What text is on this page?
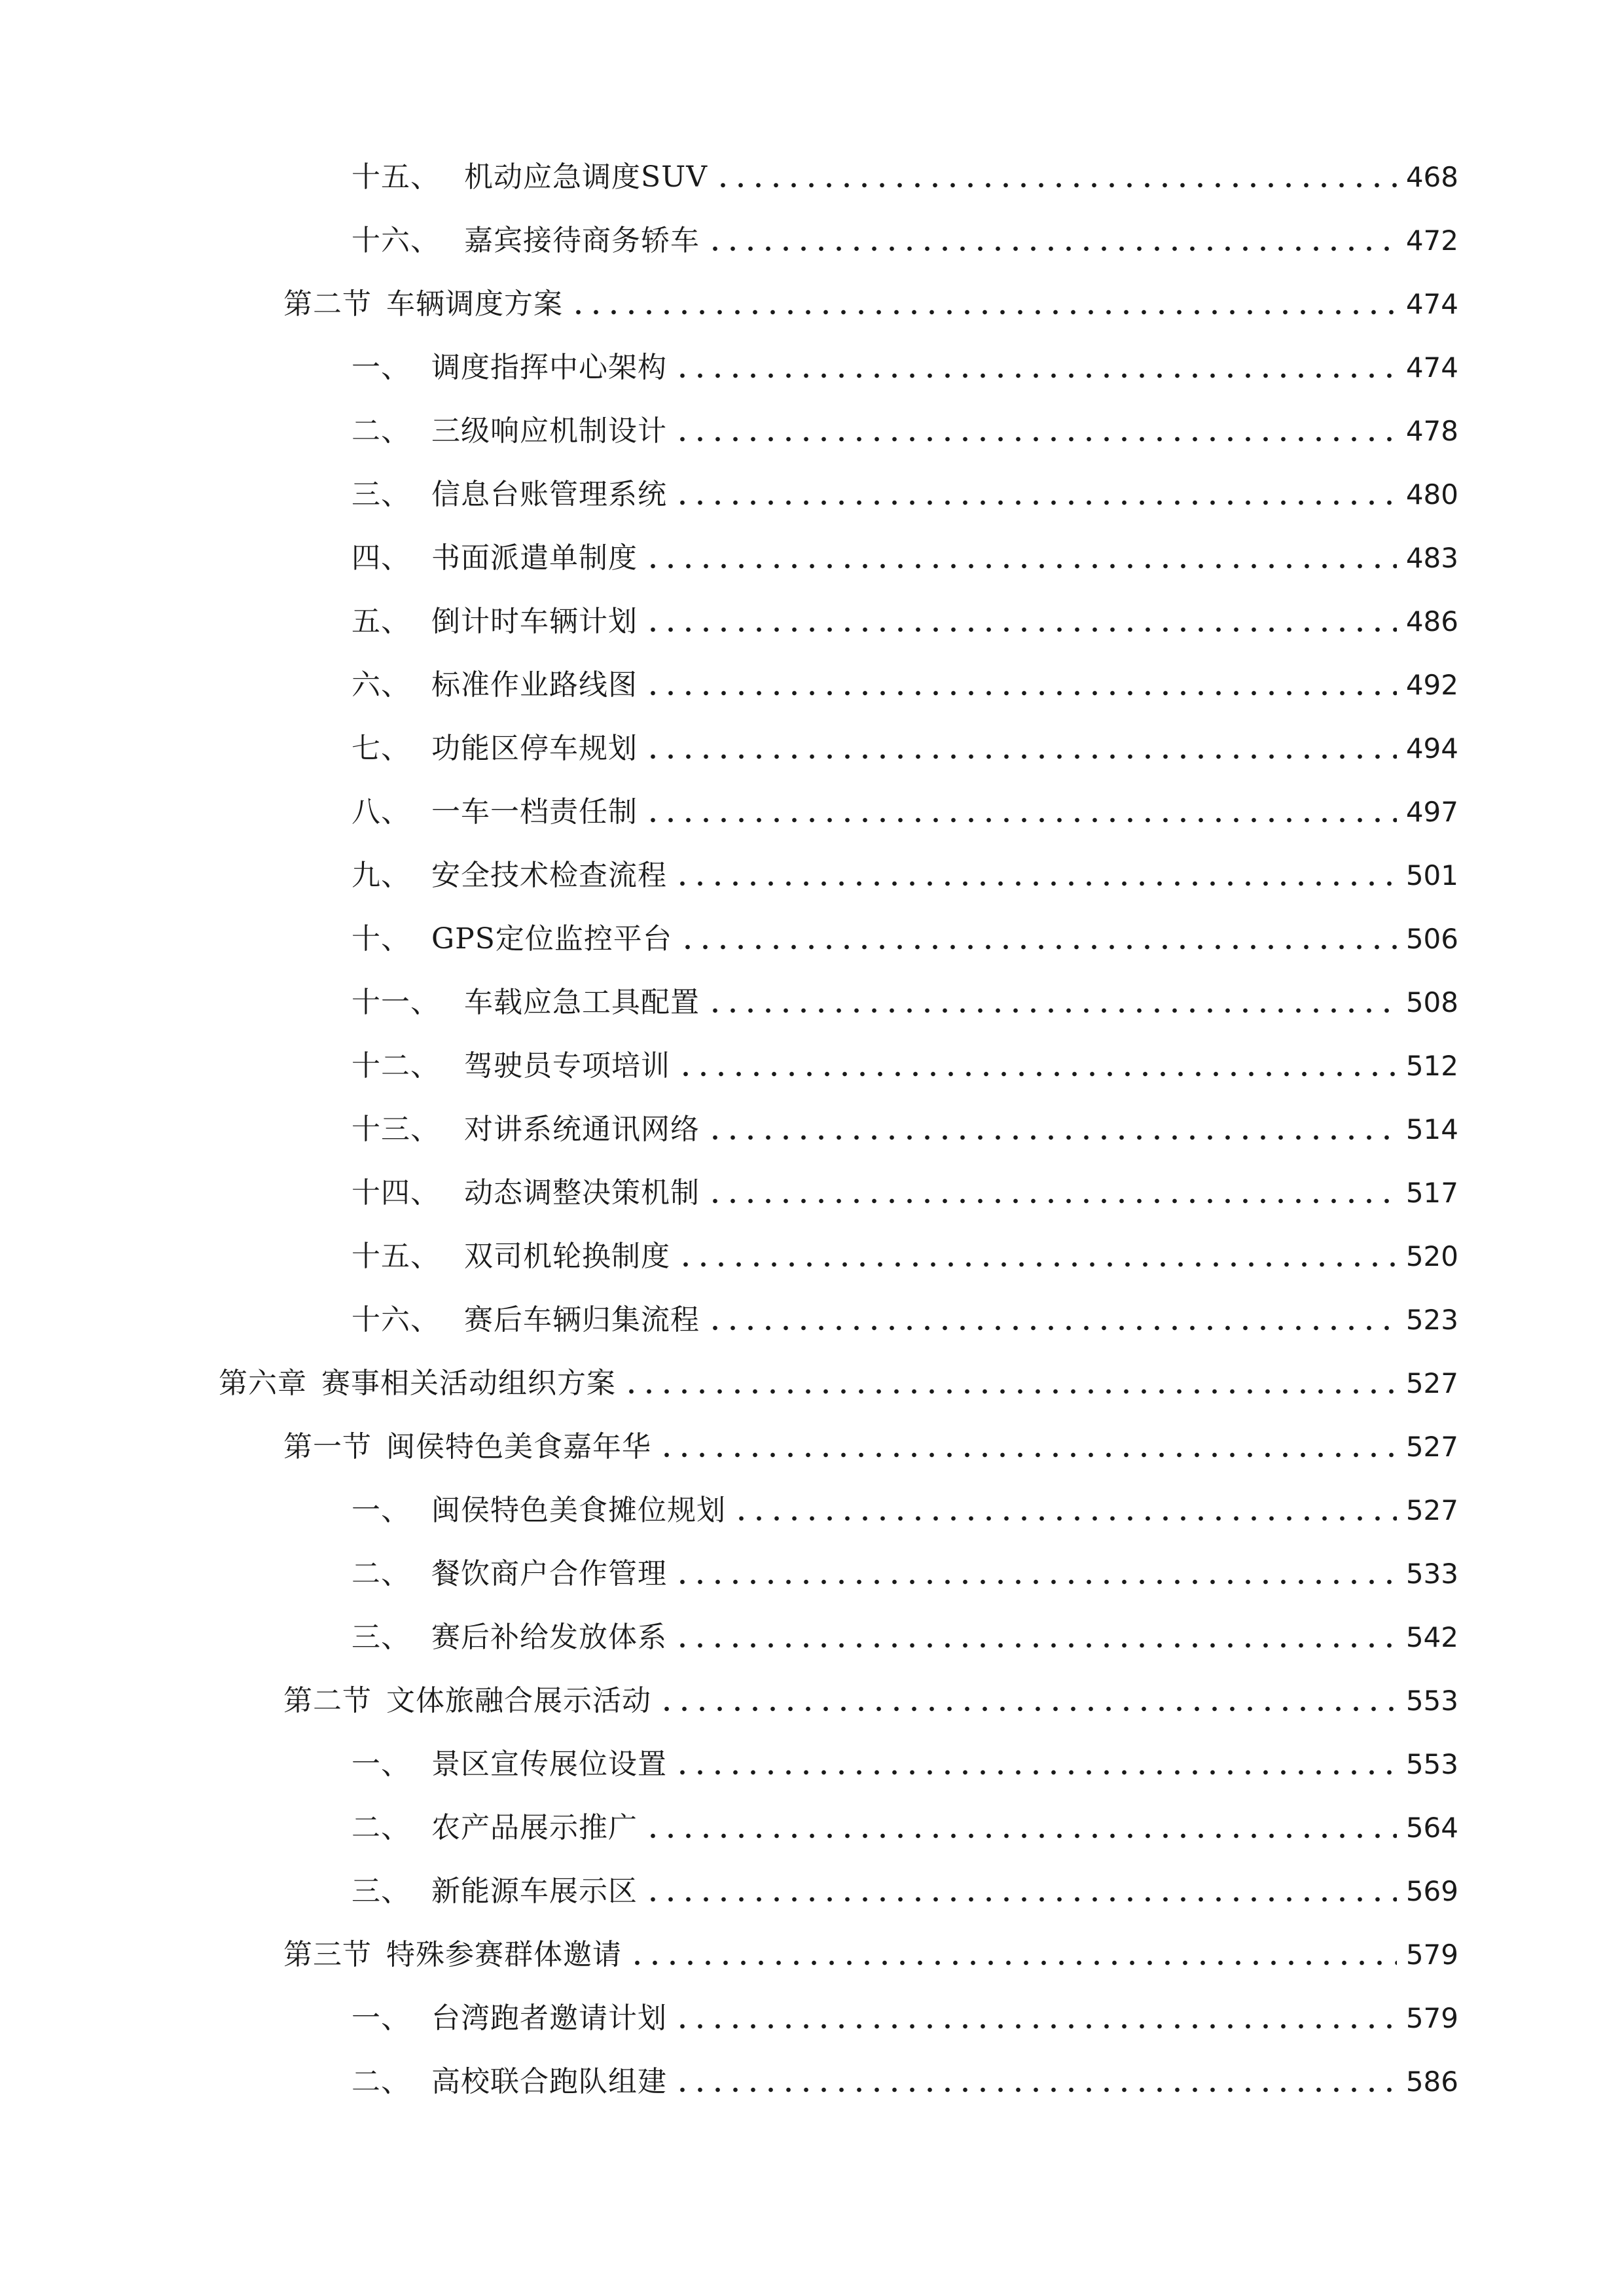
十五、 机动应急调度SUV	468
十六、 嘉宾接待商务轿车	472
第二节 车辆调度方案	474
一、 调度指挥中心架构	474
二、 三级响应机制设计	478
三、 信息台账管理系统	480
四、 书面派遣单制度	483
五、 倒计时车辆计划	486
六、 标准作业路线图	492
七、 功能区停车规划	494
八、 一车一档责任制	497
九、 安全技术检查流程	501
十、 GPS定位监控平台	506
十一、 车载应急工具配置	508
十二、 驾驶员专项培训	512
十三、 对讲系统通讯网络	514
十四、 动态调整决策机制	517
十五、 双司机轮换制度	520
十六、 赛后车辆归集流程	523
第六章 赛事相关活动组织方案	527
第一节 闽侯特色美食嘉年华	527
一、 闽侯特色美食摊位规划	527
二、 餐饮商户合作管理	533
三、 赛后补给发放体系	542
第二节 文体旅融合展示活动	553
一、 景区宣传展位设置	553
二、 农产品展示推广	564
三、 新能源车展示区	569
第三节 特殊参赛群体邀请	579
一、 台湾跑者邀请计划	579
二、 高校联合跑队组建	586
